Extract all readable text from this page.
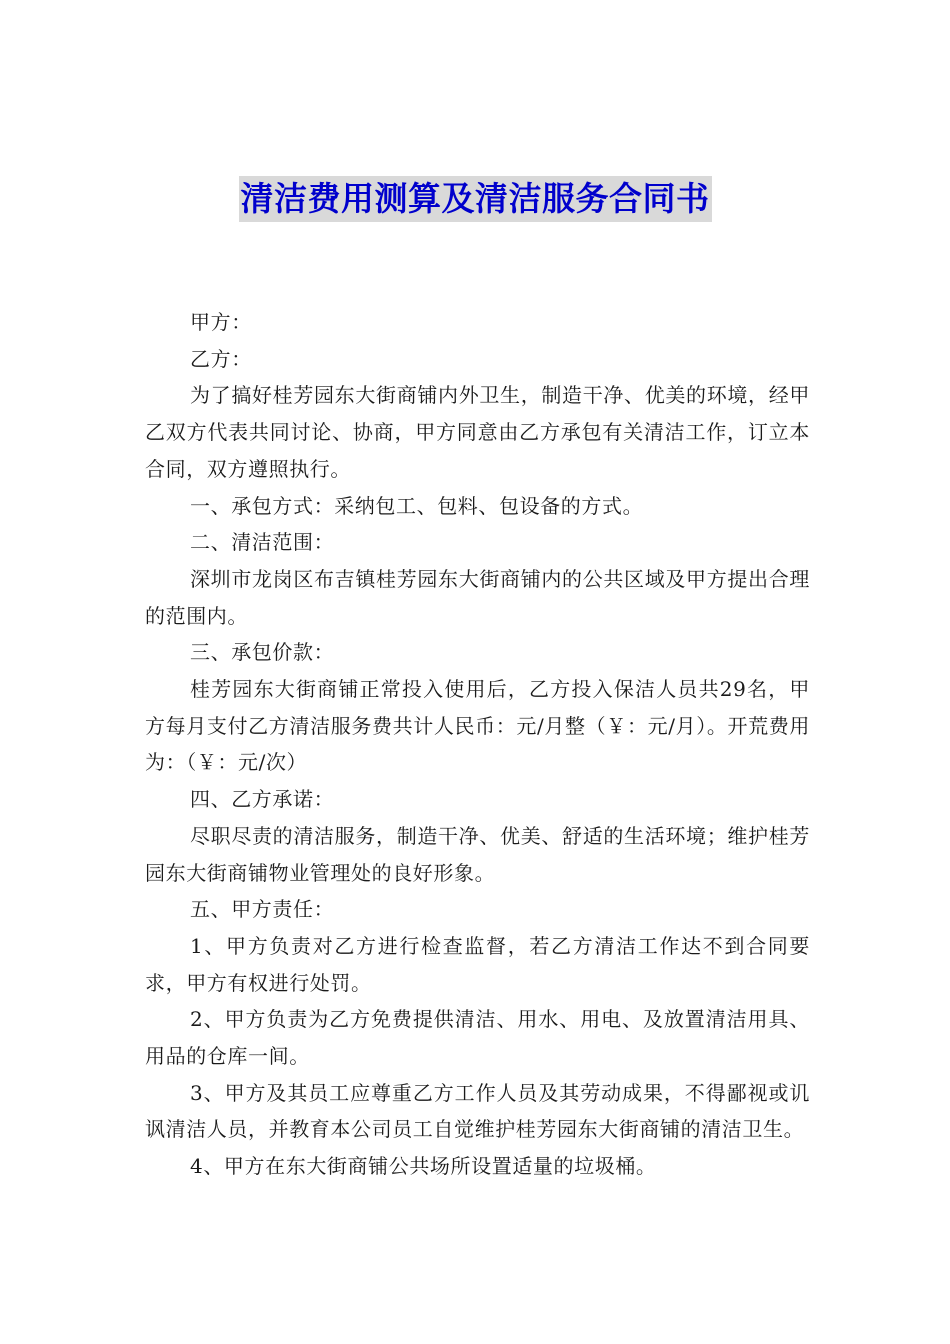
清洁费用测算及清洁服务合同书

甲方：

乙方：

为了搞好桂芳园东大街商铺内外卫生，制造干净、优美的环境，经甲乙双方代表共同讨论、协商，甲方同意由乙方承包有关清洁工作，订立本合同，双方遵照执行。

一、承包方式：采纳包工、包料、包设备的方式。

二、清洁范围：

深圳市龙岗区布吉镇桂芳园东大街商铺内的公共区域及甲方提出合理的范围内。

三、承包价款：

桂芳园东大街商铺正常投入使用后，乙方投入保洁人员共29名，甲方每月支付乙方清洁服务费共计人民币：元/月整（￥：元/月）。开荒费用为：（￥：元/次）

四、乙方承诺：

尽职尽责的清洁服务，制造干净、优美、舒适的生活环境；维护桂芳园东大街商铺物业管理处的良好形象。

五、甲方责任：

1、甲方负责对乙方进行检查监督，若乙方清洁工作达不到合同要求，甲方有权进行处罚。

2、甲方负责为乙方免费提供清洁、用水、用电、及放置清洁用具、用品的仓库一间。

3、甲方及其员工应尊重乙方工作人员及其劳动成果，不得鄙视或讥讽清洁人员，并教育本公司员工自觉维护桂芳园东大街商铺的清洁卫生。

4、甲方在东大街商铺公共场所设置适量的垃圾桶。
